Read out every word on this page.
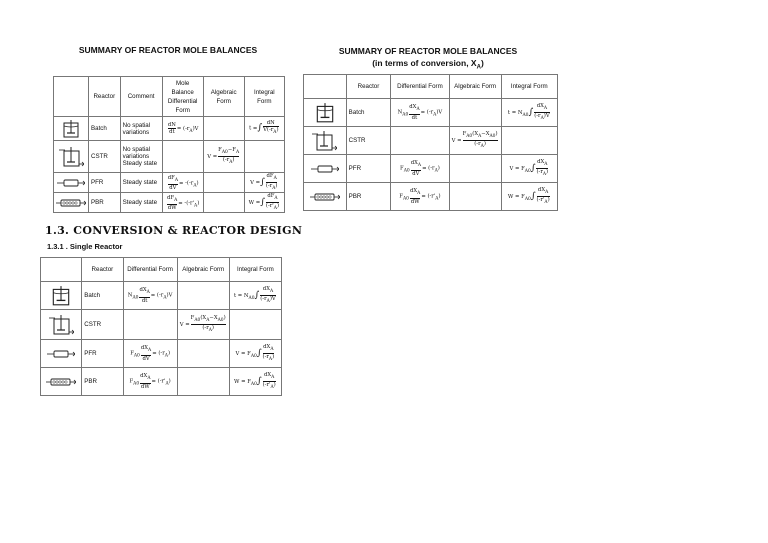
SUMMARY OF REACTOR MOLE BALANCES	SUMMARY OF REACTOR MOLE BALANCES
(in terms of conversion, $X_A$)
1.3. CONVERSION & REACTOR DESIGN
1.3.1 . Single Reactor
	Reactor	Comment	Mole Balance Differential Form	Algebraic Form	Integral Form
	Batch	No spatial variations	$\frac{dN}{dt} = (-r_A)V$		t =∫ $\frac{dN}{V(-r_A)}$

	CSTR	No spatial variations Steady state		$V = \frac{F_{A0}-F_A}{(-r_A)}$

	PFR	Steady state	$\frac{dF_A}{dV} = -(-r_A)$		V =∫ $\frac{dF_A}{(-r_A)}$

	PBR	Steady state	$\frac{dF_A}{dW} = -(-r'_A)$		W =∫ $\frac{dF_A}{(-r'_A)}$
	Reactor	Differential Form	Algebraic Form	Integral Form
	Batch	$N_{A0} \frac{dX_A}{dt} = (-r_A)V$		$t = N_{A0}\int \frac{dX_A}{(-r_A)V}$

	CSTR		$V = \frac{F_{A0}(X_A-X_{A0})}{(-r_A)}$

	PFR	$F_{A0} \frac{dX_A}{dV} = (-r_A)$		$V = F_{A0}\int \frac{dX_A}{(-r_A)}$

	PBR	$F_{A0} \frac{dX_A}{dW} = (-r'_A)$		$W = F_{A0}\int \frac{dX_A}{(-r'_A)}$
	Reactor	Differential Form	Algebraic Form	Integral Form
	Batch	$N_{A0} \frac{dX_A}{dt} = (-r_A)V$		$t = N_{A0}\int \frac{dX_A}{(-r_A)V}$

	CSTR		$V = \frac{F_{A0}(X_A-X_{A0})}{(-r_A)}$

	PFR	$F_{A0} \frac{dX_A}{dV} = (-r_A)$		$V = F_{A0}\int \frac{dX_A}{(-r_A)}$

	PBR	$F_{A0} \frac{dX_A}{dW} = (-r'_A)$		$W = F_{A0}\int \frac{dX_A}{(-r'_A)}$
